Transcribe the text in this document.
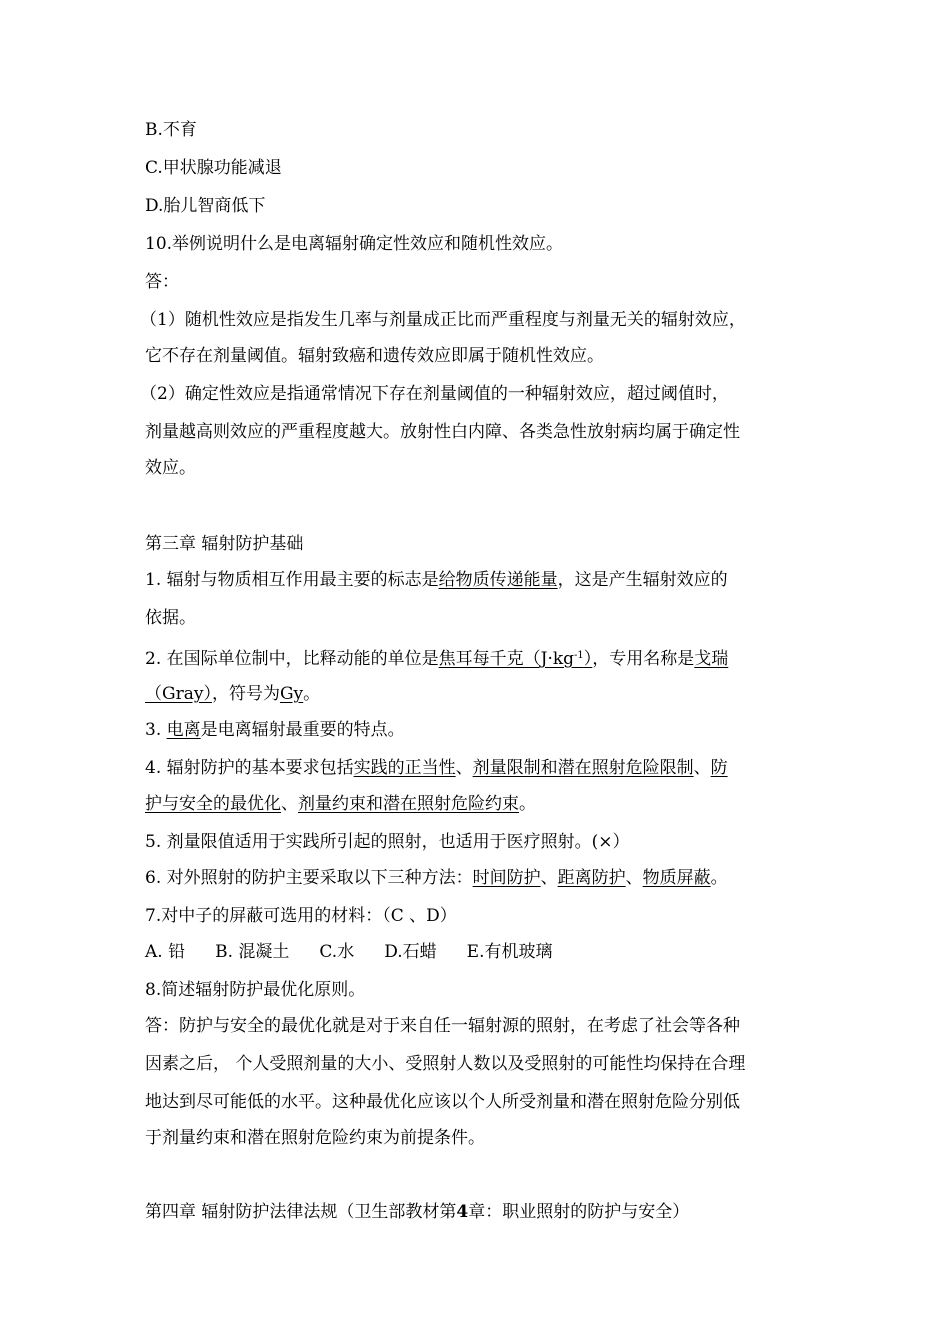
B.不育
C.甲状腺功能减退
D.胎儿智商低下
10.举例说明什么是电离辐射确定性效应和随机性效应。
答：
（1）随机性效应是指发生几率与剂量成正比而严重程度与剂量无关的辐射效应，
它不存在剂量阈值。辐射致癌和遗传效应即属于随机性效应。
（2）确定性效应是指通常情况下存在剂量阈值的一种辐射效应，超过阈值时，
剂量越高则效应的严重程度越大。放射性白内障、各类急性放射病均属于确定性
效应。
第三章 辐射防护基础
1. 辐射与物质相互作用最主要的标志是给物质传递能量，这是产生辐射效应的
依据。
2. 在国际单位制中，比释动能的单位是焦耳每千克$(J\cdot kg^{-1})$，专用名称是戈瑞
（Gray），符号为Gy。
3. 电离是电离辐射最重要的特点。
4. 辐射防护的基本要求包括实践的正当性、剂量限制和潜在照射危险限制、防
护与安全的最优化、剂量约束和潜在照射危险约束。
5. 剂量限值适用于实践所引起的照射，也适用于医疗照射。(×）
6. 对外照射的防护主要采取以下三种方法：时间防护、距离防护、物质屏蔽。
7.对中子的屏蔽可选用的材料：（C 、D）
A. 铅 B. 混凝土 C.水 D.石蜡 E.有机玻璃
8.简述辐射防护最优化原则。
答：防护与安全的最优化就是对于来自任一辐射源的照射，在考虑了社会等各种
因素之后， 个人受照剂量的大小、受照射人数以及受照射的可能性均保持在合理
地达到尽可能低的水平。这种最优化应该以个人所受剂量和潜在照射危险分别低
于剂量约束和潜在照射危险约束为前提条件。
第四章 辐射防护法律法规（卫生部教材第4章：职业照射的防护与安全）
